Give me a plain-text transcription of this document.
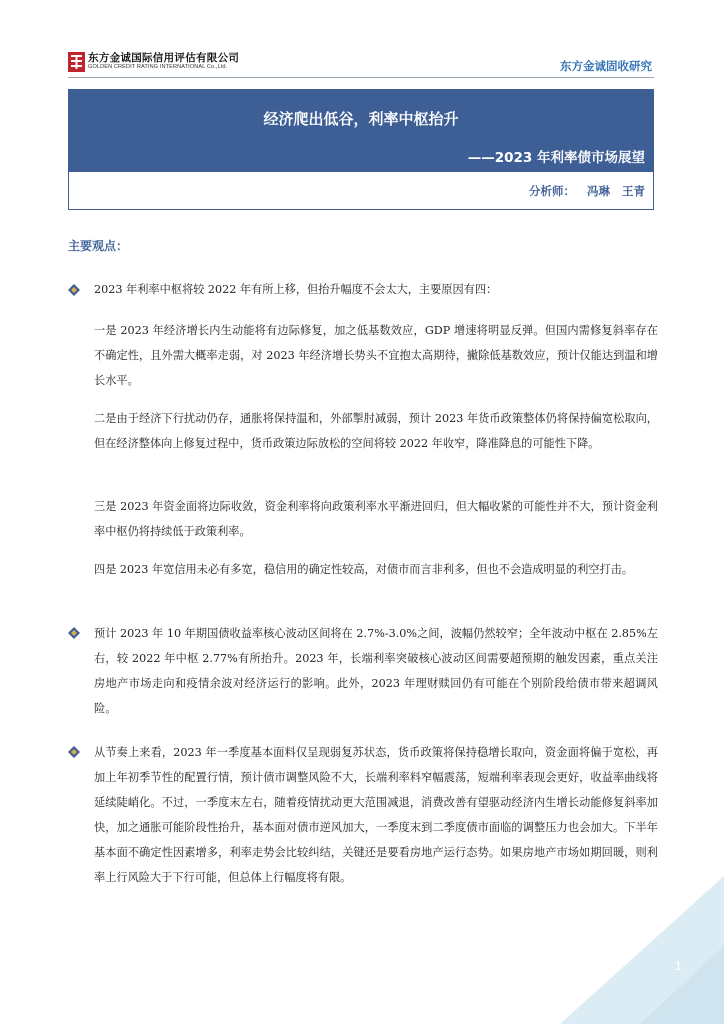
东方金诚国际信用评估有限公司
GOLDEN CREDIT RATING INTERNATIONAL Co.,Ltd.	东方金诚固收研究
经济爬出低谷，利率中枢抬升
——2023 年利率债市场展望
分析师： 冯琳 王青
主要观点：

2023 年利率中枢将较 2022 年有所上移，但抬升幅度不会太大，主要原因有四：

一是 2023 年经济增长内生动能将有边际修复，加之低基数效应，GDP 增速将明显反弹。但国内需修复斜率存在不确定性，且外需大概率走弱，对 2023 年经济增长势头不宜抱太高期待，撇除低基数效应，预计仅能达到温和增长水平。

二是由于经济下行扰动仍存，通胀将保持温和，外部掣肘减弱，预计 2023 年货币政策整体仍将保持偏宽松取向，但在经济整体向上修复过程中，货币政策边际放松的空间将较 2022 年收窄，降准降息的可能性下降。

三是 2023 年资金面将边际收敛，资金利率将向政策利率水平渐进回归，但大幅收紧的可能性并不大，预计资金利率中枢仍将持续低于政策利率。

四是 2023 年宽信用未必有多宽，稳信用的确定性较高，对债市而言非利多，但也不会造成明显的利空打击。

预计 2023 年 10 年期国债收益率核心波动区间将在 2.7%-3.0%之间，波幅仍然较窄；全年波动中枢在 2.85%左右，较 2022 年中枢 2.77%有所抬升。2023 年，长端利率突破核心波动区间需要超预期的触发因素，重点关注房地产市场走向和疫情余波对经济运行的影响。此外，2023 年理财赎回仍有可能在个别阶段给债市带来超调风险。

从节奏上来看，2023 年一季度基本面料仅呈现弱复苏状态，货币政策将保持稳增长取向，资金面将偏于宽松，再加上年初季节性的配置行情，预计债市调整风险不大，长端利率料窄幅震荡，短端利率表现会更好，收益率曲线将延续陡峭化。不过，一季度末左右，随着疫情扰动更大范围减退，消费改善有望驱动经济内生增长动能修复斜率加快，加之通胀可能阶段性抬升，基本面对债市逆风加大，一季度末到二季度债市面临的调整压力也会加大。下半年基本面不确定性因素增多，利率走势会比较纠结，关键还是要看房地产运行态势。如果房地产市场如期回暖，则利率上行风险大于下行可能，但总体上行幅度将有限。

1
